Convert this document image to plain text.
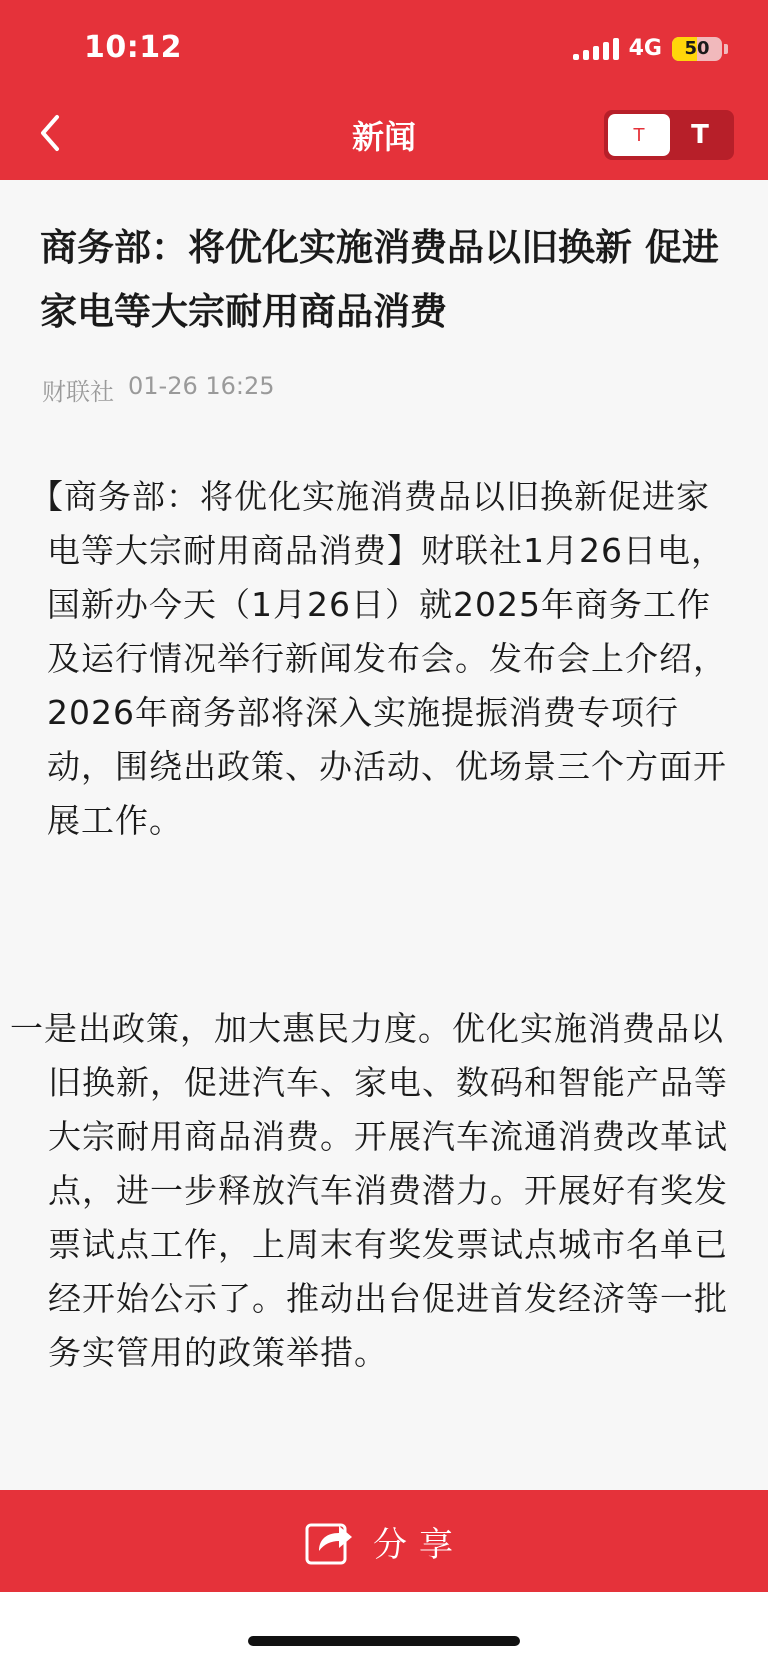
10:12	4G	50
新闻	T	T
商务部：将优化实施消费品以旧换新 促进家电等大宗耐用商品消费
财联社 01-26 16:25
【商务部：将优化实施消费品以旧换新促进家电等大宗耐用商品消费】财联社1月26日电，国新办今天（1月26日）就2025年商务工作及运行情况举行新闻发布会。发布会上介绍，2026年商务部将深入实施提振消费专项行动，围绕出政策、办活动、优场景三个方面开展工作。
一是出政策，加大惠民力度。优化实施消费品以旧换新，促进汽车、家电、数码和智能产品等大宗耐用商品消费。开展汽车流通消费改革试点，进一步释放汽车消费潜力。开展好有奖发票试点工作，上周末有奖发票试点城市名单已经开始公示了。推动出台促进首发经济等一批务实管用的政策举措。
分享
